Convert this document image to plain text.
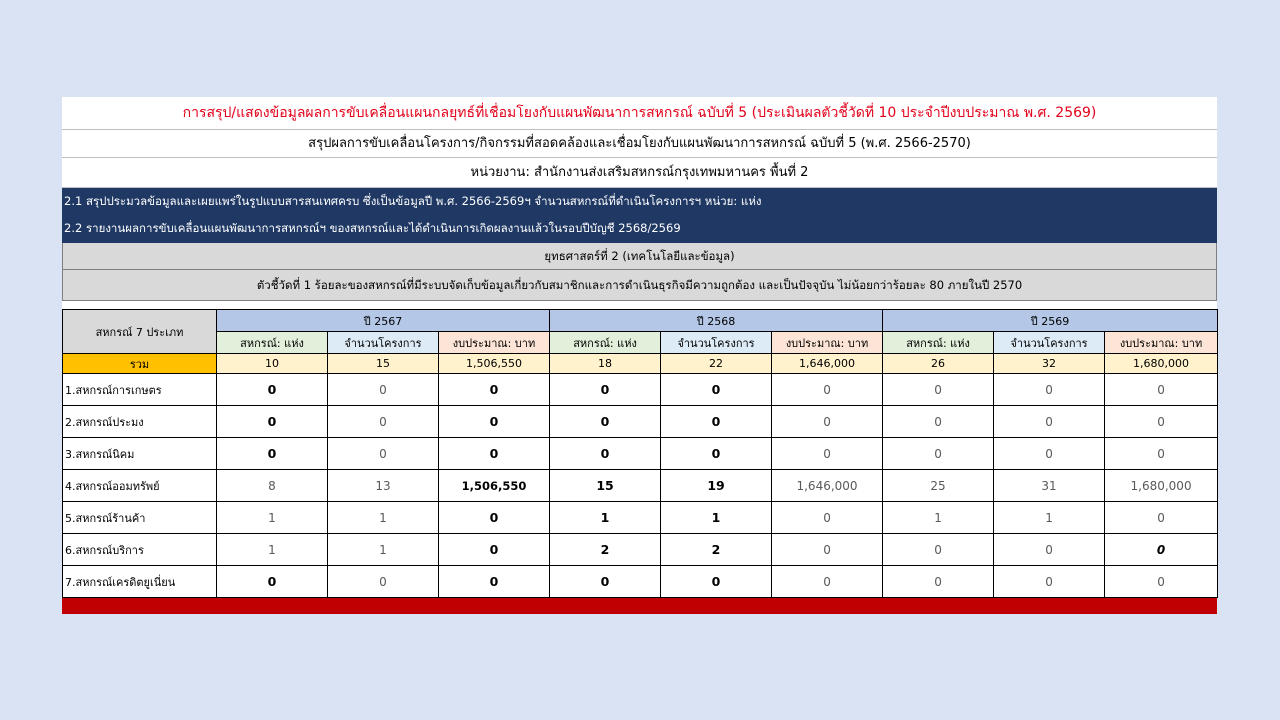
การสรุป/แสดงข้อมูลผลการขับเคลื่อนแผนกลยุทธ์ที่เชื่อมโยงกับแผนพัฒนาการสหกรณ์ ฉบับที่ 5 (ประเมินผลตัวชี้วัดที่ 10 ประจำปีงบประมาณ พ.ศ. 2569)
สรุปผลการขับเคลื่อนโครงการ/กิจกรรมที่สอดคล้องและเชื่อมโยงกับแผนพัฒนาการสหกรณ์ ฉบับที่ 5 (พ.ศ. 2566-2570)
หน่วยงาน: สำนักงานส่งเสริมสหกรณ์กรุงเทพมหานคร พื้นที่ 2
2.1 สรุปประมวลข้อมูลและเผยแพร่ในรูปแบบสารสนเทศครบ ซึ่งเป็นข้อมูลปี พ.ศ. 2566-2569ฯ จำนวนสหกรณ์ที่ดำเนินโครงการฯ หน่วย: แห่ง
2.2 รายงานผลการขับเคลื่อนแผนพัฒนาการสหกรณ์ฯ ของสหกรณ์และได้ดำเนินการเกิดผลงานแล้วในรอบปีบัญชี 2568/2569
ยุทธศาสตร์ที่ 2 (เทคโนโลยีและข้อมูล)
ตัวชี้วัดที่ 1 ร้อยละของสหกรณ์ที่มีระบบจัดเก็บข้อมูลเกี่ยวกับสมาชิกและการดำเนินธุรกิจมีความถูกต้อง และเป็นปัจจุบัน ไม่น้อยกว่าร้อยละ 80 ภายในปี 2570
สหกรณ์ 7 ประเภท	ปี 2567			ปี 2568			ปี 2569		
	สหกรณ์: แห่ง	จำนวนโครงการ	งบประมาณ: บาท	สหกรณ์: แห่ง	จำนวนโครงการ	งบประมาณ: บาท	สหกรณ์: แห่ง	จำนวนโครงการ	งบประมาณ: บาท
รวม	10	15	1,506,550	18	22	1,646,000	26	32	1,680,000
1.สหกรณ์การเกษตร	0	0	0	0	0	0	0	0	0
2.สหกรณ์ประมง	0	0	0	0	0	0	0	0	0
3.สหกรณ์นิคม	0	0	0	0	0	0	0	0	0
4.สหกรณ์ออมทรัพย์	8	13	1,506,550	15	19	1,646,000	25	31	1,680,000
5.สหกรณ์ร้านค้า	1	1	0	1	1	0	1	1	0
6.สหกรณ์บริการ	1	1	0	2	2	0	0	0	0
7.สหกรณ์เครดิตยูเนี่ยน	0	0	0	0	0	0	0	0	0
